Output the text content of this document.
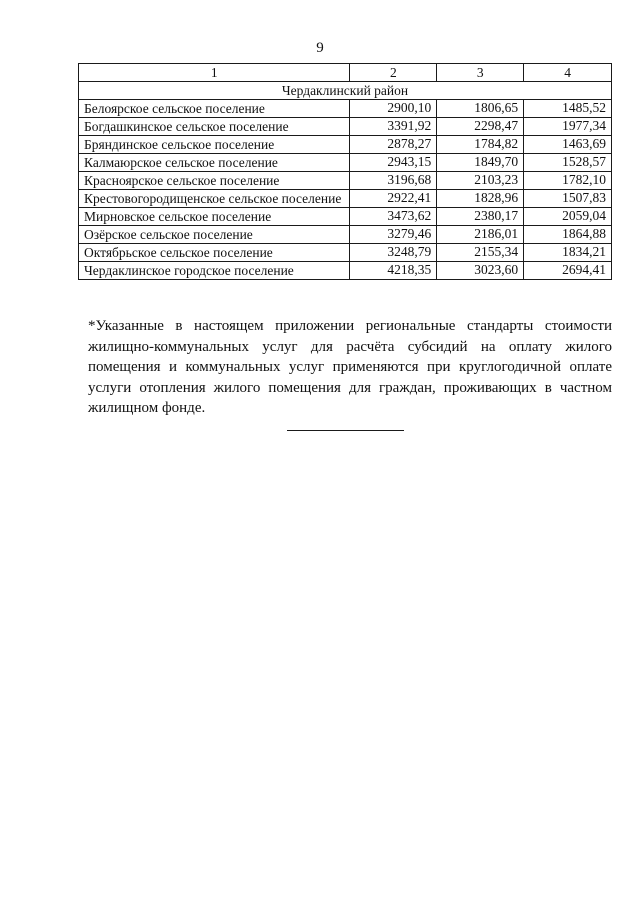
9
1	2	3	4
Чердаклинский район			
Белоярское сельское поселение	2900,10	1806,65	1485,52
Богдашкинское сельское поселение	3391,92	2298,47	1977,34
Бряндинское сельское поселение	2878,27	1784,82	1463,69
Калмаюрское сельское поселение	2943,15	1849,70	1528,57
Красноярское сельское поселение	3196,68	2103,23	1782,10
Крестовогородищенское сельское поселение	2922,41	1828,96	1507,83
Мирновское сельское поселение	3473,62	2380,17	2059,04
Озёрское сельское поселение	3279,46	2186,01	1864,88
Октябрьское сельское поселение	3248,79	2155,34	1834,21
Чердаклинское городское поселение	4218,35	3023,60	2694,41
*Указанные в настоящем приложении региональные стандарты стоимости жилищно-коммунальных услуг для расчёта субсидий на оплату жилого помещения и коммунальных услуг применяются при круглогодичной оплате услуги отопления жилого помещения для граждан, проживающих в частном жилищном фонде.
